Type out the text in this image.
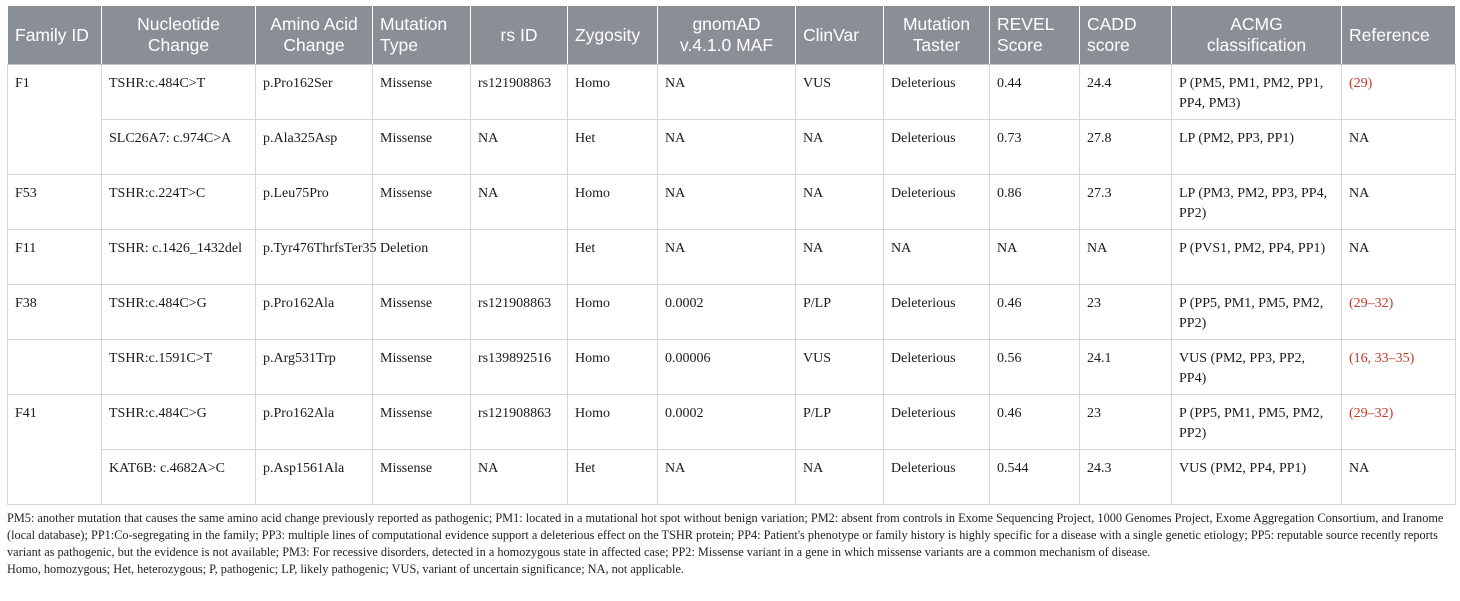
Family ID	Nucleotide Change	Amino Acid Change	Mutation Type	rs ID	Zygosity	gnomAD v.4.1.0 MAF	ClinVar	Mutation Taster	REVEL Score	CADD score	ACMG classification	Reference
F1	TSHR:c.484C>T	p.Pro162Ser	Missense	rs121908863	Homo	NA	VUS	Deleterious	0.44	24.4	P (PM5, PM1, PM2, PP1, PP4, PM3)	(29)
	SLC26A7: c.974C>A	p.Ala325Asp	Missense	NA	Het	NA	NA	Deleterious	0.73	27.8	LP (PM2, PP3, PP1)	NA
F53	TSHR:c.224T>C	p.Leu75Pro	Missense	NA	Homo	NA	NA	Deleterious	0.86	27.3	LP (PM3, PM2, PP3, PP4, PP2)	NA
F11	TSHR: c.1426_1432del	p.Tyr476ThrfsTer35	Deletion		Het	NA	NA	NA	NA	NA	P (PVS1, PM2, PP4, PP1)	NA
F38	TSHR:c.484C>G	p.Pro162Ala	Missense	rs121908863	Homo	0.0002	P/LP	Deleterious	0.46	23	P (PP5, PM1, PM5, PM2, PP2)	(29–32)
	TSHR:c.1591C>T	p.Arg531Trp	Missense	rs139892516	Homo	0.00006	VUS	Deleterious	0.56	24.1	VUS (PM2, PP3, PP2, PP4)	(16, 33–35)
F41	TSHR:c.484C>G	p.Pro162Ala	Missense	rs121908863	Homo	0.0002	P/LP	Deleterious	0.46	23	P (PP5, PM1, PM5, PM2, PP2)	(29–32)
	KAT6B: c.4682A>C	p.Asp1561Ala	Missense	NA	Het	NA	NA	Deleterious	0.544	24.3	VUS (PM2, PP4, PP1)	NA

PM5: another mutation that causes the same amino acid change previously reported as pathogenic; PM1: located in a mutational hot spot without benign variation; PM2: absent from controls in Exome Sequencing Project, 1000 Genomes Project, Exome Aggregation Consortium, and Iranome (local database); PP1:Co-segregating in the family; PP3: multiple lines of computational evidence support a deleterious effect on the TSHR protein; PP4: Patient's phenotype or family history is highly specific for a disease with a single genetic etiology; PP5: reputable source recently reports variant as pathogenic, but the evidence is not available; PM3: For recessive disorders, detected in a homozygous state in affected case; PP2: Missense variant in a gene in which missense variants are a common mechanism of disease.

Homo, homozygous; Het, heterozygous; P, pathogenic; LP, likely pathogenic; VUS, variant of uncertain significance; NA, not applicable.
